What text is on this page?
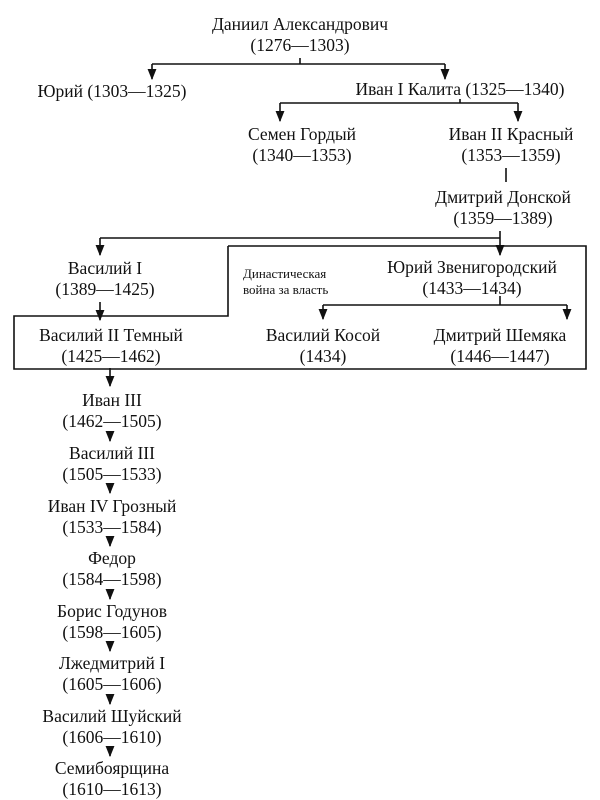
Даниил Александрович
(1276—1303)
Юрий (1303—1325)	Иван I Калита (1325—1340)
Семен Гордый
(1340—1353)
Иван II Красный
(1353—1359)
Дмитрий Донской
(1359—1389)
Василий I
(1389—1425)
Династическая
война за власть
Юрий Звенигородский
(1433—1434)
Василий II Темный
(1425—1462)
Василий Косой
(1434)
Дмитрий Шемяка
(1446—1447)
Иван III
(1462—1505)
Василий III
(1505—1533)
Иван IV Грозный
(1533—1584)
Федор
(1584—1598)
Борис Годунов
(1598—1605)
Лжедмитрий I
(1605—1606)
Василий Шуйский
(1606—1610)
Семибоярщина
(1610—1613)
